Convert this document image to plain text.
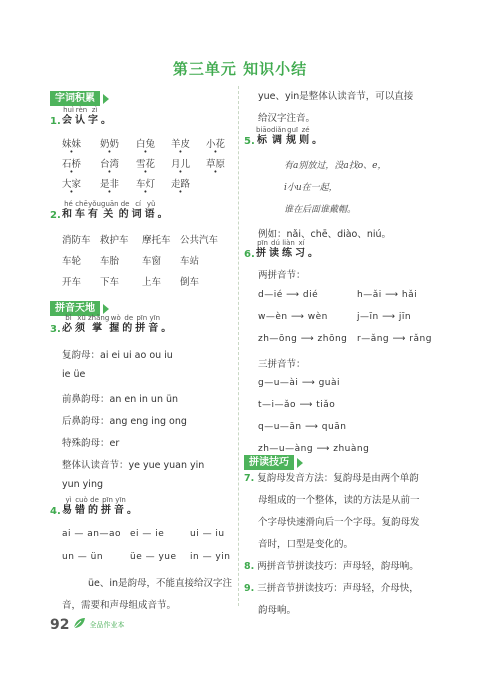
第三单元 知识小结
字词积累
1.
huì
会
rèn
认
zì
字 。
妹妹 奶奶 白兔 羊皮 小花
石桥 台湾 雪花 月儿 草原
大家 是非 车灯 走路
2.
hé
和
chē
车
yǒu
有
guān
关
de
的
cí
词
yǔ
语 。
消防车 救护车 摩托车 公共汽车
车轮 车胎 车窗 车站
开车 下车 上车 倒车
拼音天地
3.
bì
必
xū
须
zhǎng
掌
wò
握
de
的
pīn
拼
yīn
音 。
复韵母：ai ei ui ao ou iu
ie üe
前鼻韵母：an en in un ün
后鼻韵母：ang eng ing ong
特殊韵母：er
整体认读音节：ye yue yuan yin
yun ying
4.
yì
易
cuò
错
de
的
pīn
拼
yīn
音 。
ai — an—ao ei — ie	ui — iu
un — ün	üe — yue in — yin
üe、in是韵母，不能直接给汉字注
音，需要和声母组成音节。
yue、yin是整体认读音节，可以直接
给汉字注音。
5.
biāo
标
diǎn
调
guī
规
zé
则 。
有a别放过，没a找o、e，
i小u在一起，
谁在后面谁戴帽。
例如：nǎi、chē、diào、niú。
6.
pīn
拼
dú
读
liàn
练
xí
习 。
两拼音节：
d—ié ⟶ dié	h—ǎi ⟶ hǎi
w—èn ⟶ wèn	j—īn ⟶ jīn
zh—ōng ⟶ zhōng r—ǎng ⟶ rǎng
三拼音节：
g—u—ài ⟶ guài
t—i—ǎo ⟶ tiǎo
q—u—ān ⟶ quān
zh—u—àng ⟶ zhuàng
拼读技巧
7. 复韵母发音方法：复韵母是由两个单韵
母组成的一个整体，读的方法是从前一
个字母快速滑向后一个字母。复韵母发
音时，口型是变化的。
8. 两拼音节拼读技巧：声母轻，韵母响。
9. 三拼音节拼读技巧：声母轻，介母快，
韵母响。
92	全品作业本
